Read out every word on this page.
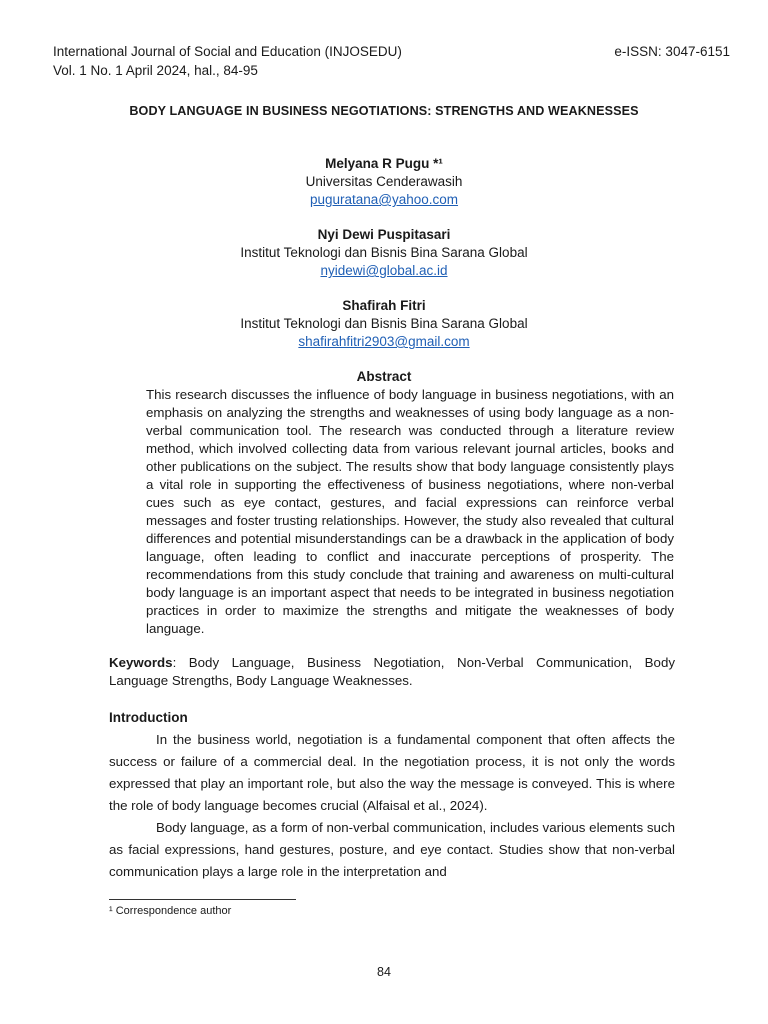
International Journal of Social and Education (INJOSEDU)
Vol. 1 No. 1 April 2024, hal., 84-95
e-ISSN: 3047-6151
BODY LANGUAGE IN BUSINESS NEGOTIATIONS: STRENGTHS AND WEAKNESSES
Melyana R Pugu *¹
Universitas Cenderawasih
puguratana@yahoo.com
Nyi Dewi Puspitasari
Institut Teknologi dan Bisnis Bina Sarana Global
nyidewi@global.ac.id
Shafirah Fitri
Institut Teknologi dan Bisnis Bina Sarana Global
shafirahfitri2903@gmail.com
Abstract
This research discusses the influence of body language in business negotiations, with an emphasis on analyzing the strengths and weaknesses of using body language as a non-verbal communication tool. The research was conducted through a literature review method, which involved collecting data from various relevant journal articles, books and other publications on the subject. The results show that body language consistently plays a vital role in supporting the effectiveness of business negotiations, where non-verbal cues such as eye contact, gestures, and facial expressions can reinforce verbal messages and foster trusting relationships. However, the study also revealed that cultural differences and potential misunderstandings can be a drawback in the application of body language, often leading to conflict and inaccurate perceptions of prosperity. The recommendations from this study conclude that training and awareness on multi-cultural body language is an important aspect that needs to be integrated in business negotiation practices in order to maximize the strengths and mitigate the weaknesses of body language.
Keywords: Body Language, Business Negotiation, Non-Verbal Communication, Body Language Strengths, Body Language Weaknesses.
Introduction

In the business world, negotiation is a fundamental component that often affects the success or failure of a commercial deal. In the negotiation process, it is not only the words expressed that play an important role, but also the way the message is conveyed. This is where the role of body language becomes crucial (Alfaisal et al., 2024).

Body language, as a form of non-verbal communication, includes various elements such as facial expressions, hand gestures, posture, and eye contact. Studies show that non-verbal communication plays a large role in the interpretation and

¹ Correspondence author
84
